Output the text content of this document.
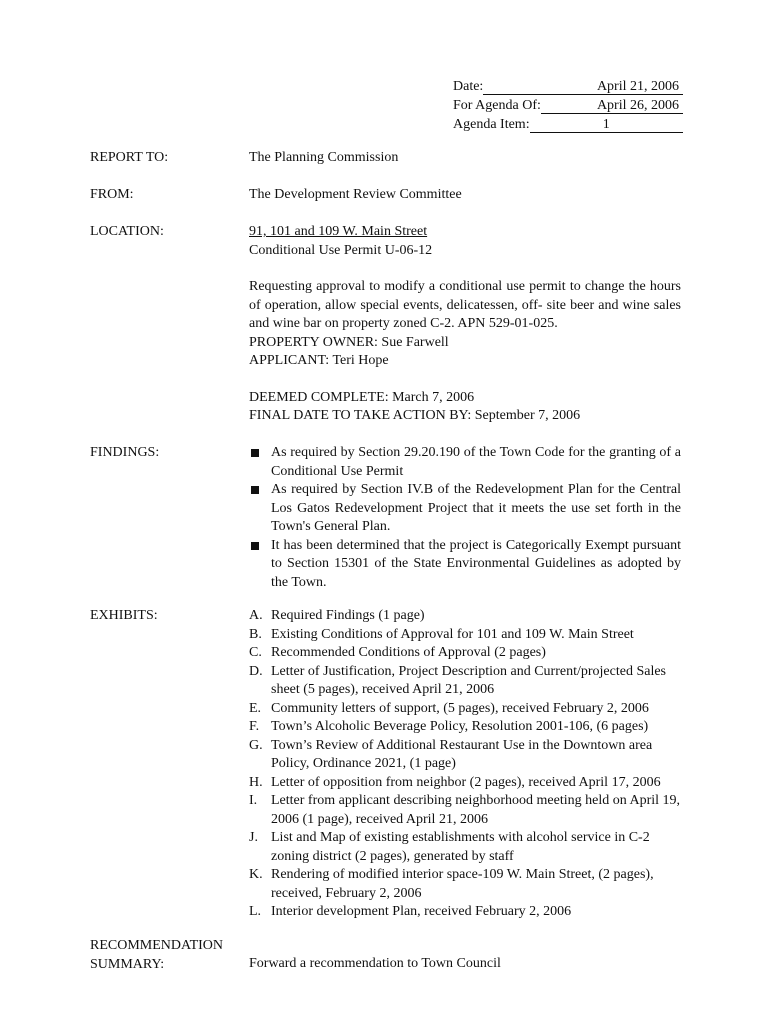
Date:	April 21, 2006
For Agenda Of:	April 26, 2006
Agenda Item:	1
REPORT TO:	The Planning Commission
FROM:	The Development Review Committee
LOCATION:	91, 101 and 109 W. Main Street
Conditional Use Permit U-06-12
Requesting approval to modify a conditional use permit to change the hours of operation, allow special events, delicatessen, off- site beer and wine sales and wine bar on property zoned C-2. APN 529-01-025.
PROPERTY OWNER: Sue Farwell
APPLICANT: Teri Hope
DEEMED COMPLETE: March 7, 2006
FINAL DATE TO TAKE ACTION BY: September 7, 2006
FINDINGS:	As required by Section 29.20.190 of the Town Code for the granting of a Conditional Use Permit
As required by Section IV.B of the Redevelopment Plan for the Central Los Gatos Redevelopment Project that it meets the use set forth in the Town's General Plan.
It has been determined that the project is Categorically Exempt pursuant to Section 15301 of the State Environmental Guidelines as adopted by the Town.
EXHIBITS:	A. Required Findings (1 page)
B. Existing Conditions of Approval for 101 and 109 W. Main Street
C. Recommended Conditions of Approval (2 pages)
D. Letter of Justification, Project Description and Current/projected Sales sheet (5 pages), received April 21, 2006
E. Community letters of support, (5 pages), received February 2, 2006
F. Town’s Alcoholic Beverage Policy, Resolution 2001-106, (6 pages)
G. Town’s Review of Additional Restaurant Use in the Downtown area Policy, Ordinance 2021, (1 page)
H. Letter of opposition from neighbor (2 pages), received April 17, 2006
I. Letter from applicant describing neighborhood meeting held on April 19, 2006 (1 page), received April 21, 2006
J. List and Map of existing establishments with alcohol service in C-2 zoning district (2 pages), generated by staff
K. Rendering of modified interior space-109 W. Main Street, (2 pages), received, February 2, 2006
L. Interior development Plan, received February 2, 2006
RECOMMENDATION
SUMMARY:	Forward a recommendation to Town Council
